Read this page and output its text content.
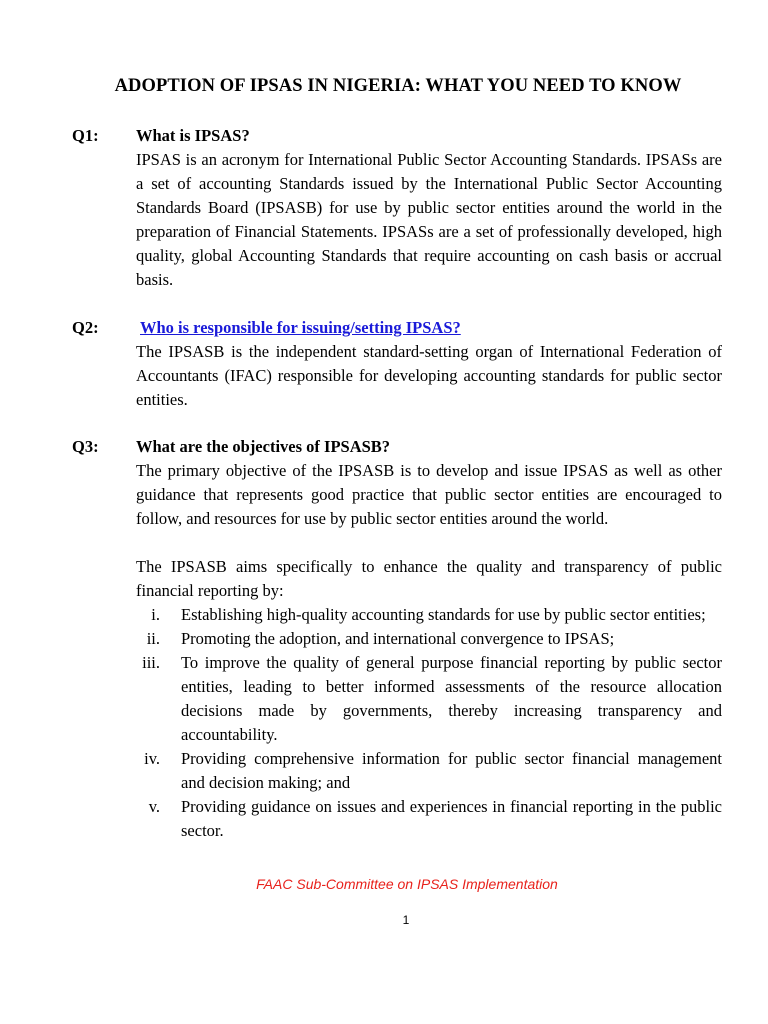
ADOPTION OF IPSAS IN NIGERIA: WHAT YOU NEED TO KNOW
Q1: What is IPSAS?
IPSAS is an acronym for International Public Sector Accounting Standards. IPSASs are a set of accounting Standards issued by the International Public Sector Accounting Standards Board (IPSASB) for use by public sector entities around the world in the preparation of Financial Statements. IPSASs are a set of professionally developed, high quality, global Accounting Standards that require accounting on cash basis or accrual basis.
Q2:	Who is responsible for issuing/setting IPSAS?
The IPSASB is the independent standard-setting organ of International Federation of Accountants (IFAC) responsible for developing accounting standards for public sector entities.
Q3: What are the objectives of IPSASB?
The primary objective of the IPSASB is to develop and issue IPSAS as well as other guidance that represents good practice that public sector entities are encouraged to follow, and resources for use by public sector entities around the world.
The IPSASB aims specifically to enhance the quality and transparency of public financial reporting by:
i. Establishing high-quality accounting standards for use by public sector entities;
ii. Promoting the adoption, and international convergence to IPSAS;
iii. To improve the quality of general purpose financial reporting by public sector entities, leading to better informed assessments of the resource allocation decisions made by governments, thereby increasing transparency and accountability.
iv. Providing comprehensive information for public sector financial management and decision making; and
v. Providing guidance on issues and experiences in financial reporting in the public sector.
FAAC Sub-Committee on IPSAS Implementation
1
